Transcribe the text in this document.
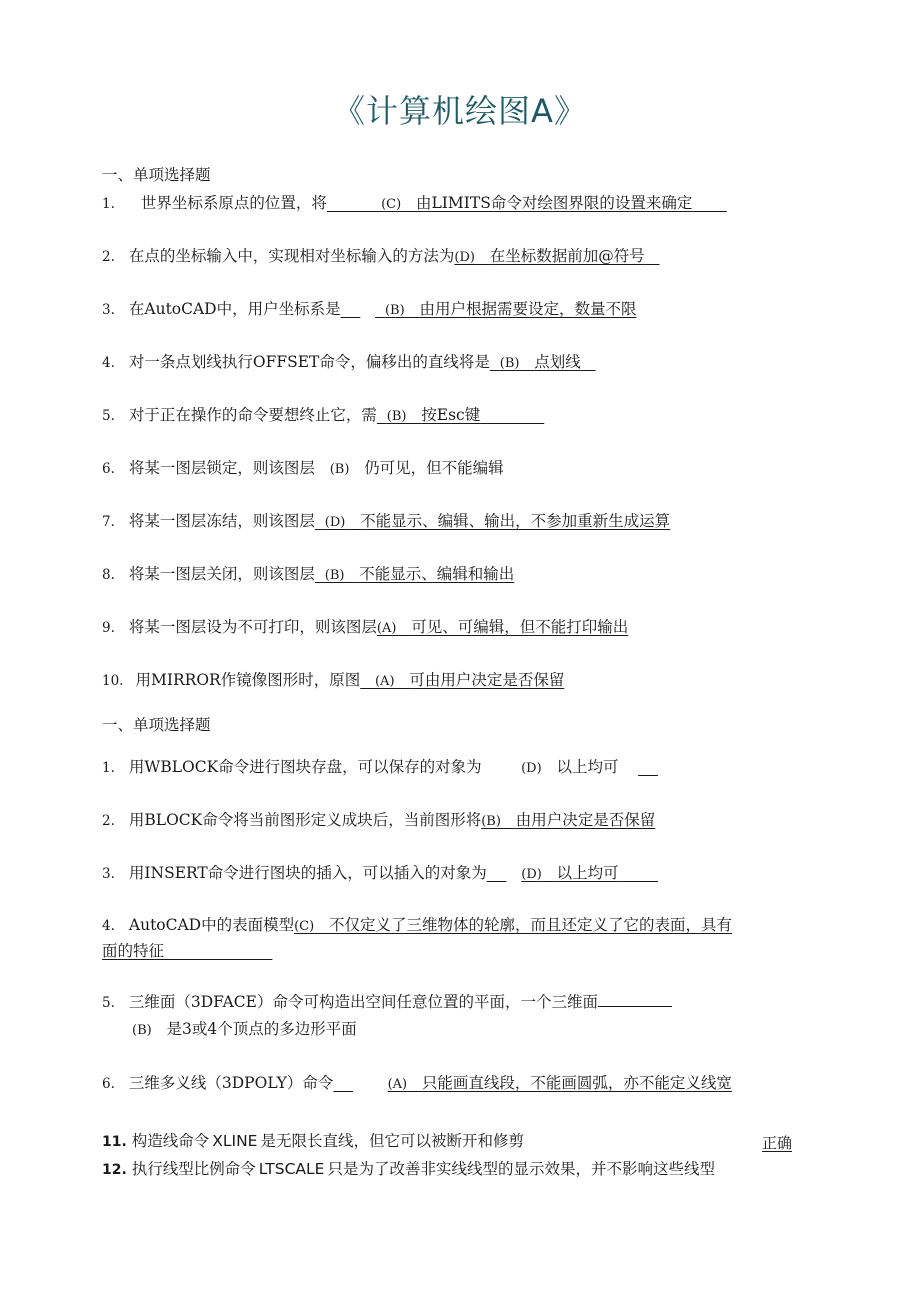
《计算机绘图A》
一、单项选择题
1. 世界坐标系原点的位置，将	(C) 由LIMITS命令对绘图界限的设置来确定
2. 在点的坐标输入中，实现相对坐标输入的方法为(D) 在坐标数据前加@符号
3. 在AutoCAD中，用户坐标系是	(B) 由用户根据需要设定，数量不限
4. 对一条点划线执行OFFSET命令，偏移出的直线将是 (B) 点划线
5. 对于正在操作的命令要想终止它，需 (B) 按Esc键
6. 将某一图层锁定，则该图层 (B) 仍可见，但不能编辑
7. 将某一图层冻结，则该图层 (D) 不能显示、编辑、输出，不参加重新生成运算
8. 将某一图层关闭，则该图层 (B) 不能显示、编辑和输出
9. 将某一图层设为不可打印，则该图层(A) 可见、可编辑，但不能打印输出
10. 用MIRROR作镜像图形时，原图 (A) 可由用户决定是否保留
一、单项选择题
1. 用WBLOCK命令进行图块存盘，可以保存的对象为	(D) 以上均可
2. 用BLOCK命令将当前图形定义成块后，当前图形将(B) 由用户决定是否保留
3. 用INSERT命令进行图块的插入，可以插入的对象为	(D) 以上均可
4. AutoCAD中的表面模型(C) 不仅定义了三维物体的轮廓，而且还定义了它的表面，具有
面的特征
5. 三维面（3DFACE）命令可构造出空间任意位置的平面，一个三维面
(B) 是3或4个顶点的多边形平面
6. 三维多义线（3DPOLY）命令	(A) 只能画直线段，不能画圆弧，亦不能定义线宽
11. 构造线命令 XLINE 是无限长直线，但它可以被断开和修剪	正确
12. 执行线型比例命令 LTSCALE 只是为了改善非实线线型的显示效果，并不影响这些线型
